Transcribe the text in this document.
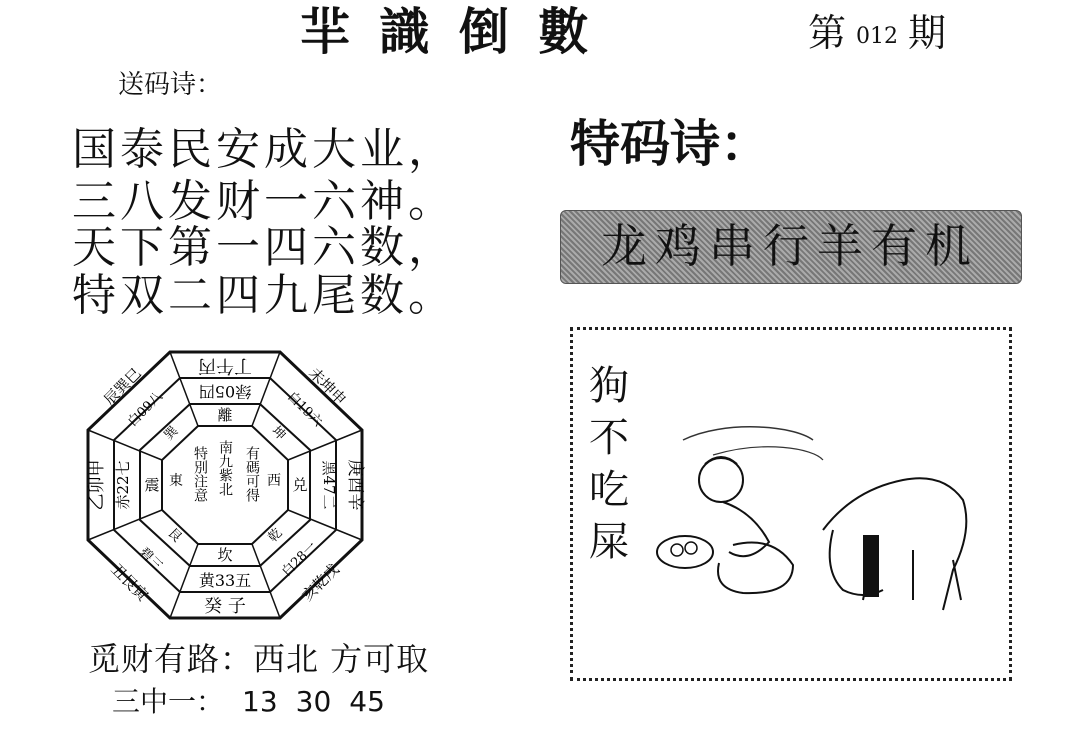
羋 識 倒 數	第 012 期
送码诗：
国泰民安成大业，
三八发财一六神。
天下第一四六数，
特双二四九尾数。
丁午丙
绿05四
離
癸 子
黄33五
坎
乙卯甲 赤22七 震	庚酉辛
黑47二
兑
未坤申
白19六
坤
辰巽巳
白09八
巽
亥乾戌
白28一
乾
丑艮寅
碧三
艮
東	西
有碼可得
南九紫北
特別注意
特码诗：
龙鸡串行羊有机
狗
不
吃
屎
觅财有路：西北 方可取
三中一： 13 30 45
